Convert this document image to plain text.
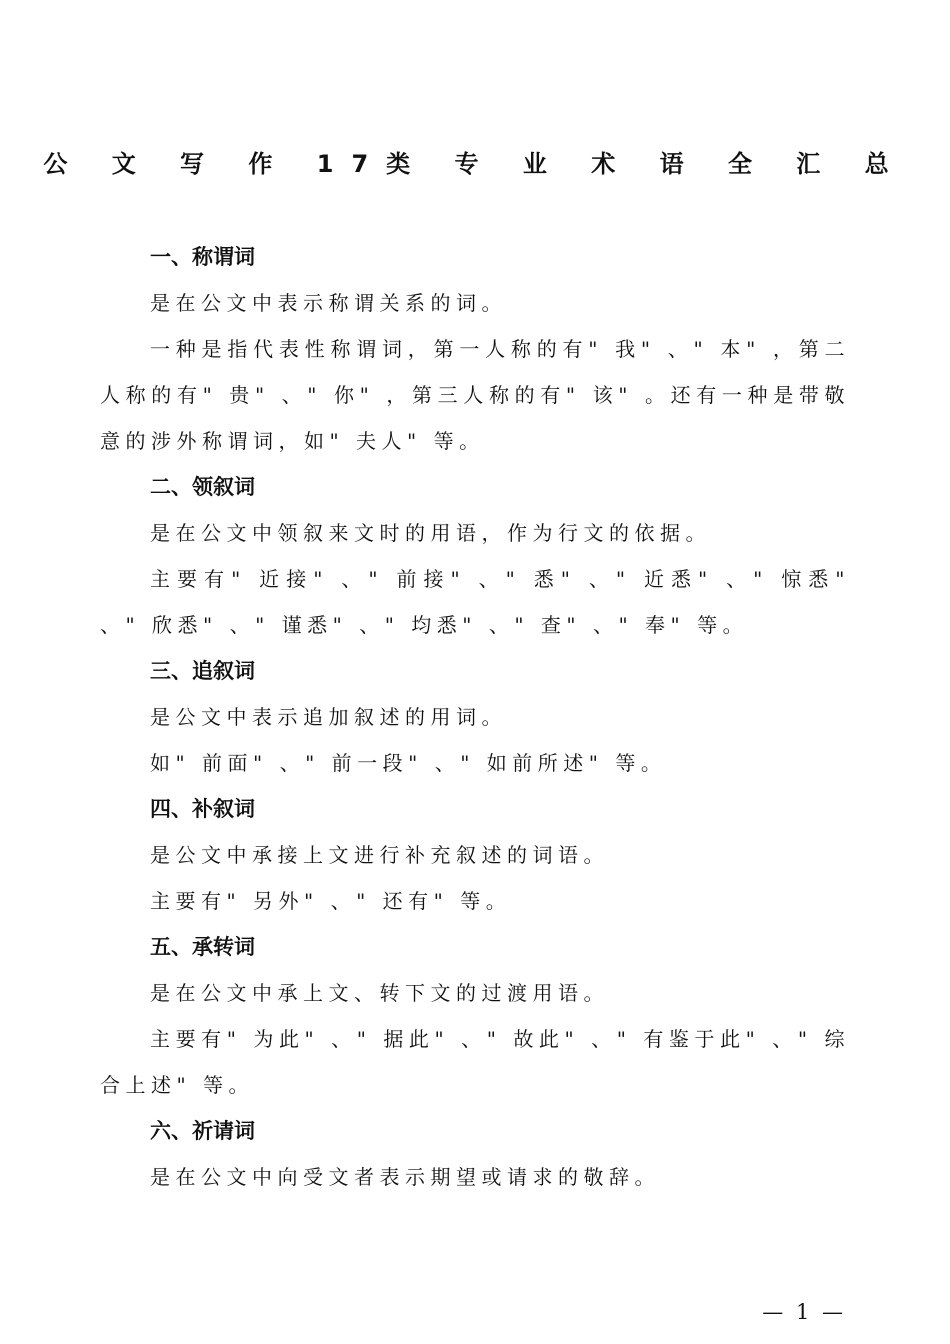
公 文 写 作 17类 专 业 术 语 全 汇 总

一、称谓词

是在公文中表示称谓关系的词。

一种是指代表性称谓词，第一人称的有" 我" 、" 本" ，第二人称的有" 贵" 、" 你" ，第三人称的有" 该" 。还有一种是带敬意的涉外称谓词，如" 夫人" 等。

二、领叙词

是在公文中领叙来文时的用语，作为行文的依据。

主要有" 近接" 、" 前接" 、" 悉" 、" 近悉" 、" 惊悉" 、" 欣悉" 、" 谨悉" 、" 均悉" 、" 查" 、" 奉" 等。

三、追叙词

是公文中表示追加叙述的用词。

如" 前面" 、" 前一段" 、" 如前所述" 等。

四、补叙词

是公文中承接上文进行补充叙述的词语。

主要有" 另外" 、" 还有" 等。

五、承转词

是在公文中承上文、转下文的过渡用语。

主要有" 为此" 、" 据此" 、" 故此" 、" 有鉴于此" 、" 综合上述" 等。

六、祈请词

是在公文中向受文者表示期望或请求的敬辞。

— 1 —
